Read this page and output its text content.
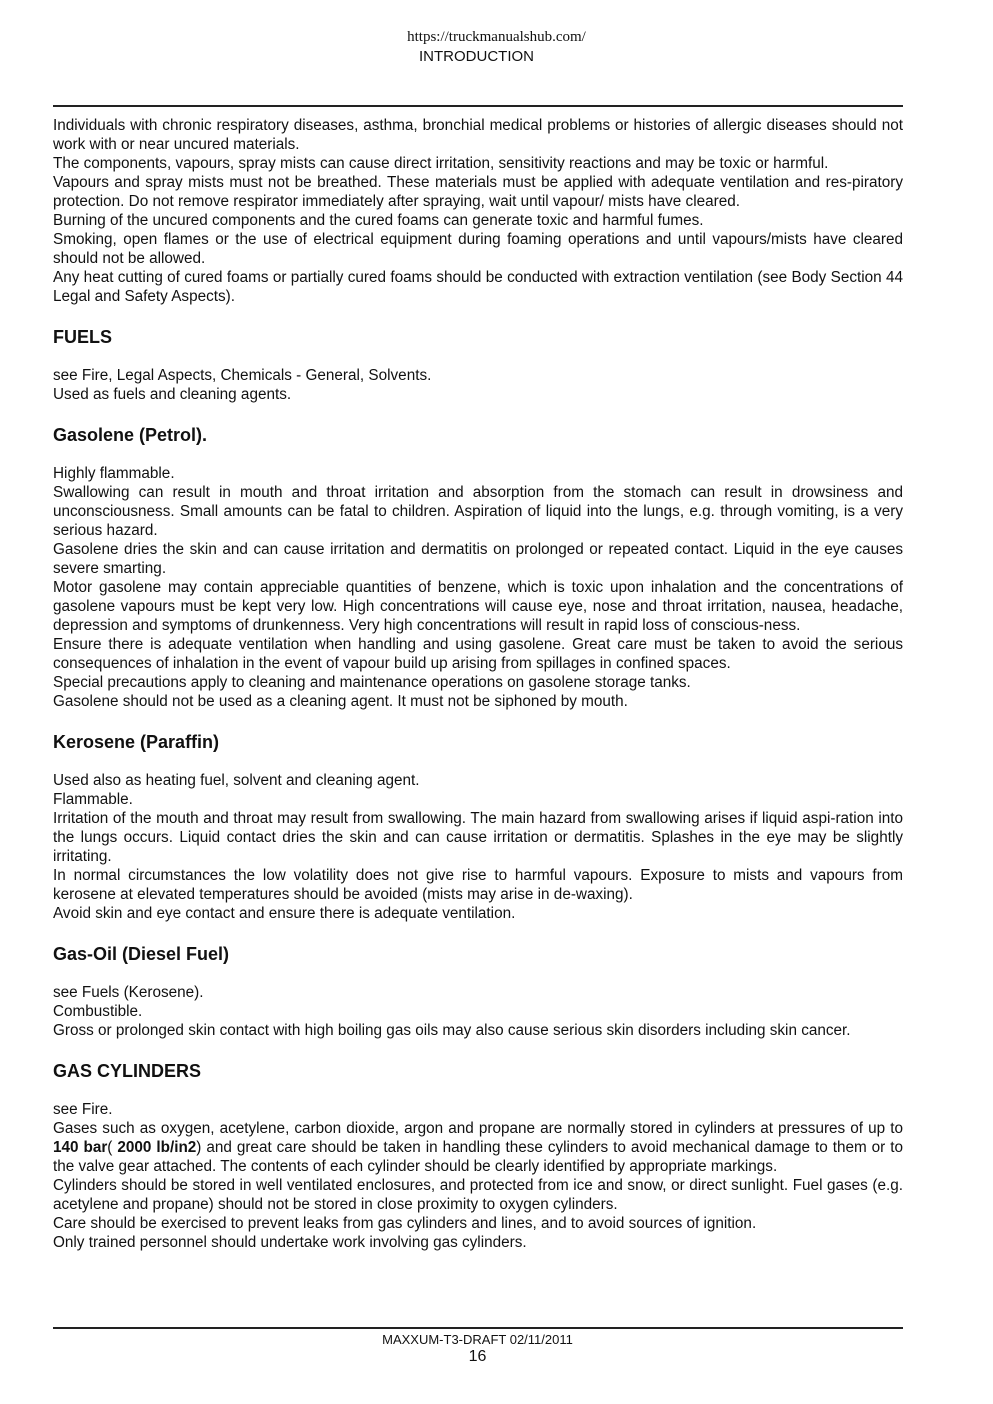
https://truckmanualshub.com/
INTRODUCTION

Individuals with chronic respiratory diseases, asthma, bronchial medical problems or histories of allergic diseases should not work with or near uncured materials.

The components, vapours, spray mists can cause direct irritation, sensitivity reactions and may be toxic or harmful.

Vapours and spray mists must not be breathed. These materials must be applied with adequate ventilation and res-piratory protection. Do not remove respirator immediately after spraying, wait until vapour/ mists have cleared.

Burning of the uncured components and the cured foams can generate toxic and harmful fumes.

Smoking, open flames or the use of electrical equipment during foaming operations and until vapours/mists have cleared should not be allowed.

Any heat cutting of cured foams or partially cured foams should be conducted with extraction ventilation (see Body Section 44 Legal and Safety Aspects).

FUELS

see Fire, Legal Aspects, Chemicals - General, Solvents.

Used as fuels and cleaning agents.

Gasolene (Petrol).

Highly flammable.

Swallowing can result in mouth and throat irritation and absorption from the stomach can result in drowsiness and unconsciousness. Small amounts can be fatal to children. Aspiration of liquid into the lungs, e.g. through vomiting, is a very serious hazard.

Gasolene dries the skin and can cause irritation and dermatitis on prolonged or repeated contact. Liquid in the eye causes severe smarting.

Motor gasolene may contain appreciable quantities of benzene, which is toxic upon inhalation and the concentrations of gasolene vapours must be kept very low. High concentrations will cause eye, nose and throat irritation, nausea, headache, depression and symptoms of drunkenness. Very high concentrations will result in rapid loss of conscious-ness.

Ensure there is adequate ventilation when handling and using gasolene. Great care must be taken to avoid the serious consequences of inhalation in the event of vapour build up arising from spillages in confined spaces.

Special precautions apply to cleaning and maintenance operations on gasolene storage tanks.

Gasolene should not be used as a cleaning agent. It must not be siphoned by mouth.

Kerosene (Paraffin)

Used also as heating fuel, solvent and cleaning agent.

Flammable.

Irritation of the mouth and throat may result from swallowing. The main hazard from swallowing arises if liquid aspi-ration into the lungs occurs. Liquid contact dries the skin and can cause irritation or dermatitis. Splashes in the eye may be slightly irritating.

In normal circumstances the low volatility does not give rise to harmful vapours. Exposure to mists and vapours from kerosene at elevated temperatures should be avoided (mists may arise in de-waxing).

Avoid skin and eye contact and ensure there is adequate ventilation.

Gas-Oil (Diesel Fuel)

see Fuels (Kerosene).

Combustible.

Gross or prolonged skin contact with high boiling gas oils may also cause serious skin disorders including skin cancer.

GAS CYLINDERS

see Fire.

Gases such as oxygen, acetylene, carbon dioxide, argon and propane are normally stored in cylinders at pressures of up to 140 bar( 2000 lb/in2) and great care should be taken in handling these cylinders to avoid mechanical damage to them or to the valve gear attached. The contents of each cylinder should be clearly identified by appropriate markings.

Cylinders should be stored in well ventilated enclosures, and protected from ice and snow, or direct sunlight. Fuel gases (e.g. acetylene and propane) should not be stored in close proximity to oxygen cylinders.

Care should be exercised to prevent leaks from gas cylinders and lines, and to avoid sources of ignition.

Only trained personnel should undertake work involving gas cylinders.

MAXXUM-T3-DRAFT 02/11/2011
16
